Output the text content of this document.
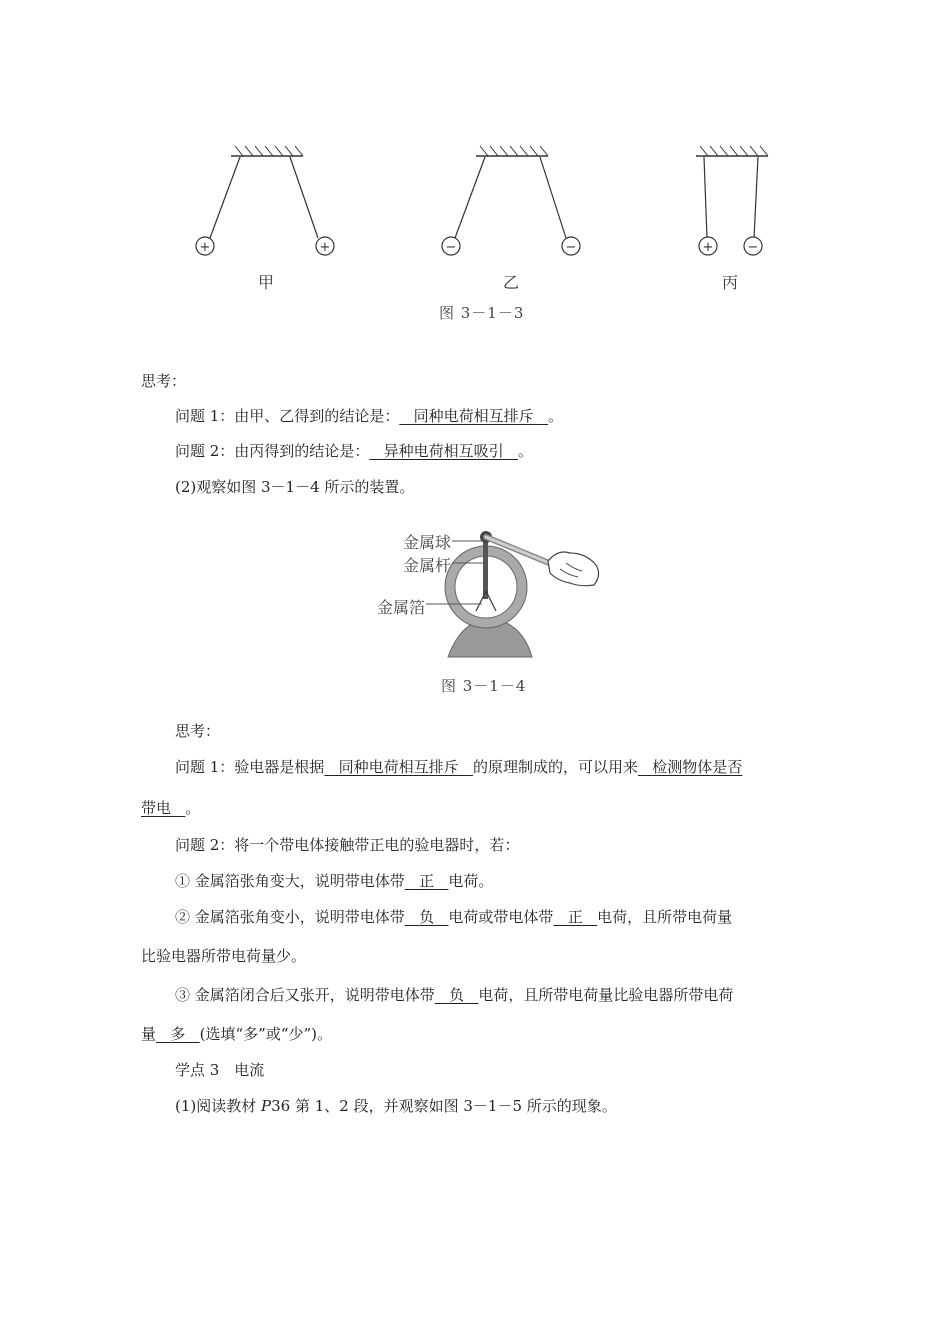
+	+	−	−	+	−
甲	乙	丙
图 3－1－3
思考：
问题 1：由甲、乙得到的结论是： 同种电荷相互排斥 。
问题 2：由丙得到的结论是： 异种电荷相互吸引 。
(2)观察如图 3－1－4 所示的装置。
金属球
金属杆
金属箔
图 3－1－4
思考：
问题 1：验电器是根据 同种电荷相互排斥 的原理制成的，可以用来 检测物体是否
带电 。
问题 2：将一个带电体接触带正电的验电器时，若：
① 金属箔张角变大，说明带电体带 正 电荷。
② 金属箔张角变小，说明带电体带 负 电荷或带电体带 正 电荷，且所带电荷量
比验电器所带电荷量少。
③ 金属箔闭合后又张开，说明带电体带 负 电荷，且所带电荷量比验电器所带电荷
量 多 (选填“多”或“少”)。
学点 3　电流
(1)阅读教材 P36 第 1、2 段，并观察如图 3－1－5 所示的现象。
